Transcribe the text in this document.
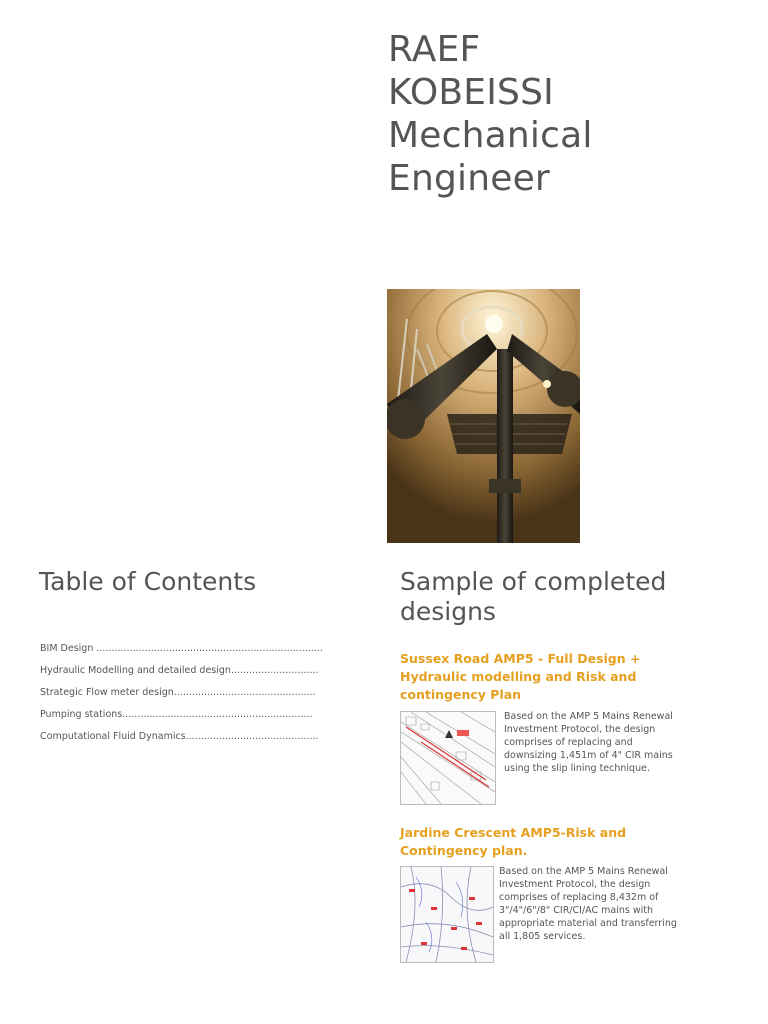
RAEF
KOBEISSI
Mechanical
Engineer
Table of Contents
BIM Design ...........................................................................
Hydraulic Modelling and detailed design.............................
Strategic Flow meter design...............................................
Pumping stations...............................................................
Computational Fluid Dynamics............................................
Sample of completed designs
Sussex Road AMP5 - Full Design + Hydraulic modelling and Risk and contingency Plan
Based on the AMP 5 Mains Renewal Investment Protocol, the design comprises of replacing and downsizing 1,451m of 4" CIR mains using the slip lining technique.
Jardine Crescent AMP5-Risk and Contingency plan.
Based on the AMP 5 Mains Renewal Investment Protocol, the design comprises of replacing 8,432m of 3"/4"/6"/8" CIR/CI/AC mains with appropriate material and transferring all 1,805 services.
